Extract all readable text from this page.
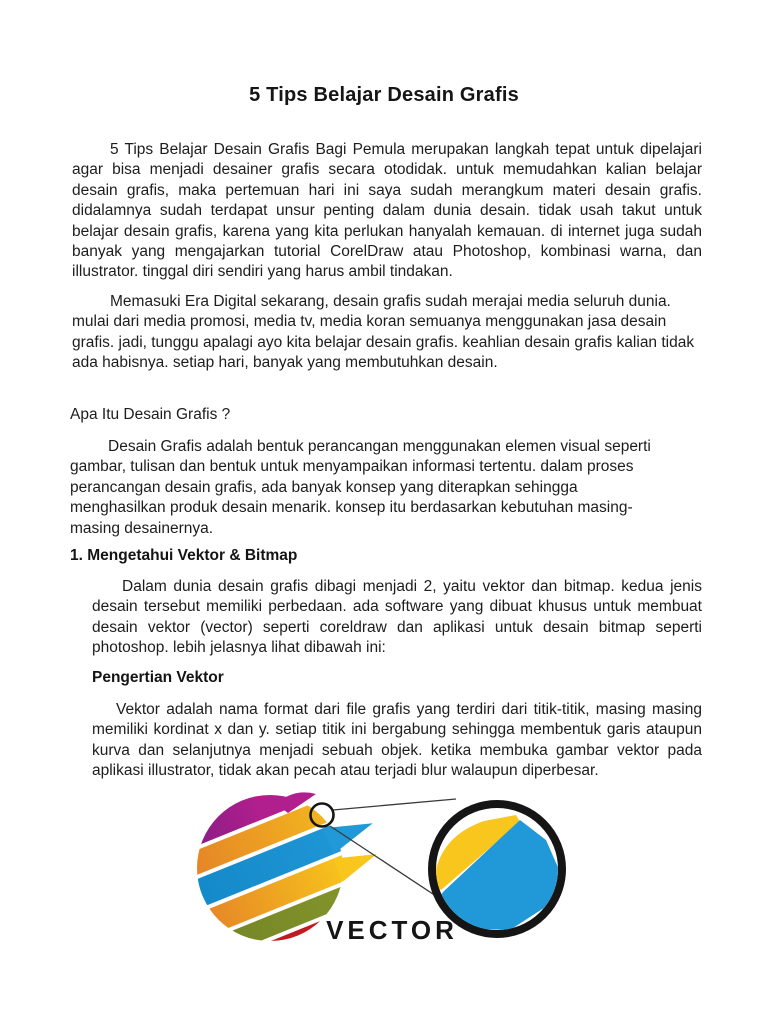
5 Tips Belajar Desain Grafis

5 Tips Belajar Desain Grafis Bagi Pemula merupakan langkah tepat untuk dipelajari agar bisa menjadi desainer grafis secara otodidak. untuk memudahkan kalian belajar desain grafis, maka pertemuan hari ini saya sudah merangkum materi desain grafis. didalamnya sudah terdapat unsur penting dalam dunia desain. tidak usah takut untuk belajar desain grafis, karena yang kita perlukan hanyalah kemauan. di internet juga sudah banyak yang mengajarkan tutorial CorelDraw atau Photoshop, kombinasi warna, dan illustrator. tinggal diri sendiri yang harus ambil tindakan.

Memasuki Era Digital sekarang, desain grafis sudah merajai media seluruh dunia. mulai dari media promosi, media tv, media koran semuanya menggunakan jasa desain grafis. jadi, tunggu apalagi ayo kita belajar desain grafis. keahlian desain grafis kalian tidak ada habisnya. setiap hari, banyak yang membutuhkan desain.

Apa Itu Desain Grafis ?

Desain Grafis adalah bentuk perancangan menggunakan elemen visual seperti gambar, tulisan dan bentuk untuk menyampaikan informasi tertentu. dalam proses perancangan desain grafis, ada banyak konsep yang diterapkan sehingga menghasilkan produk desain menarik. konsep itu berdasarkan kebutuhan masing-masing desainernya.

1. Mengetahui Vektor & Bitmap

Dalam dunia desain grafis dibagi menjadi 2, yaitu vektor dan bitmap. kedua jenis desain tersebut memiliki perbedaan. ada software yang dibuat khusus untuk membuat desain vektor (vector) seperti coreldraw dan aplikasi untuk desain bitmap seperti photoshop. lebih jelasnya lihat dibawah ini:

Pengertian Vektor

Vektor adalah nama format dari file grafis yang terdiri dari titik-titik, masing masing memiliki kordinat x dan y. setiap titik ini bergabung sehingga membentuk garis ataupun kurva dan selanjutnya menjadi sebuah objek. ketika membuka gambar vektor pada aplikasi illustrator, tidak akan pecah atau terjadi blur walaupun diperbesar.

VECTOR
